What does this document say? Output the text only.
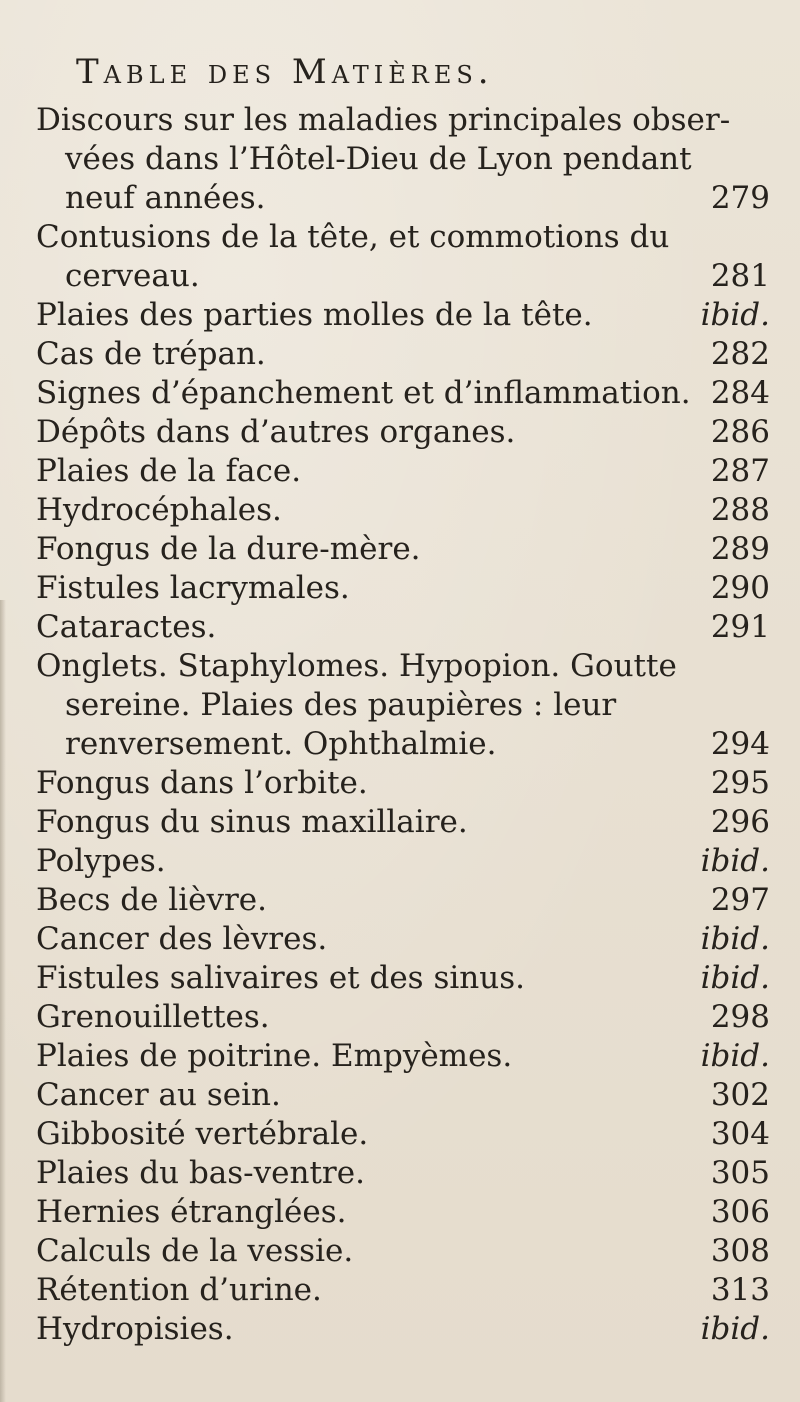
Table des Matières.
Discours sur les maladies principales obser-
vées dans l’Hôtel-Dieu de Lyon pendant
neuf années.	279
Contusions de la tête, et commotions du
cerveau.	281
Plaies des parties molles de la tête.	ibid.
Cas de trépan.	282
Signes d’épanchement et d’inflammation. 284
Dépôts dans d’autres organes.	286
Plaies de la face.	287
Hydrocéphales.	288
Fongus de la dure-mère.	289
Fistules lacrymales.	290
Cataractes.	291
Onglets. Staphylomes. Hypopion. Goutte
sereine. Plaies des paupières : leur
renversement. Ophthalmie.	294
Fongus dans l’orbite.	295
Fongus du sinus maxillaire.	296
Polypes.	ibid.
Becs de lièvre.	297
Cancer des lèvres.	ibid.
Fistules salivaires et des sinus.	ibid.
Grenouillettes.	298
Plaies de poitrine. Empyèmes.	ibid.
Cancer au sein.	302
Gibbosité vertébrale.	304
Plaies du bas-ventre.	305
Hernies étranglées.	306
Calculs de la vessie.	308
Rétention d’urine.	313
Hydropisies.	ibid.
